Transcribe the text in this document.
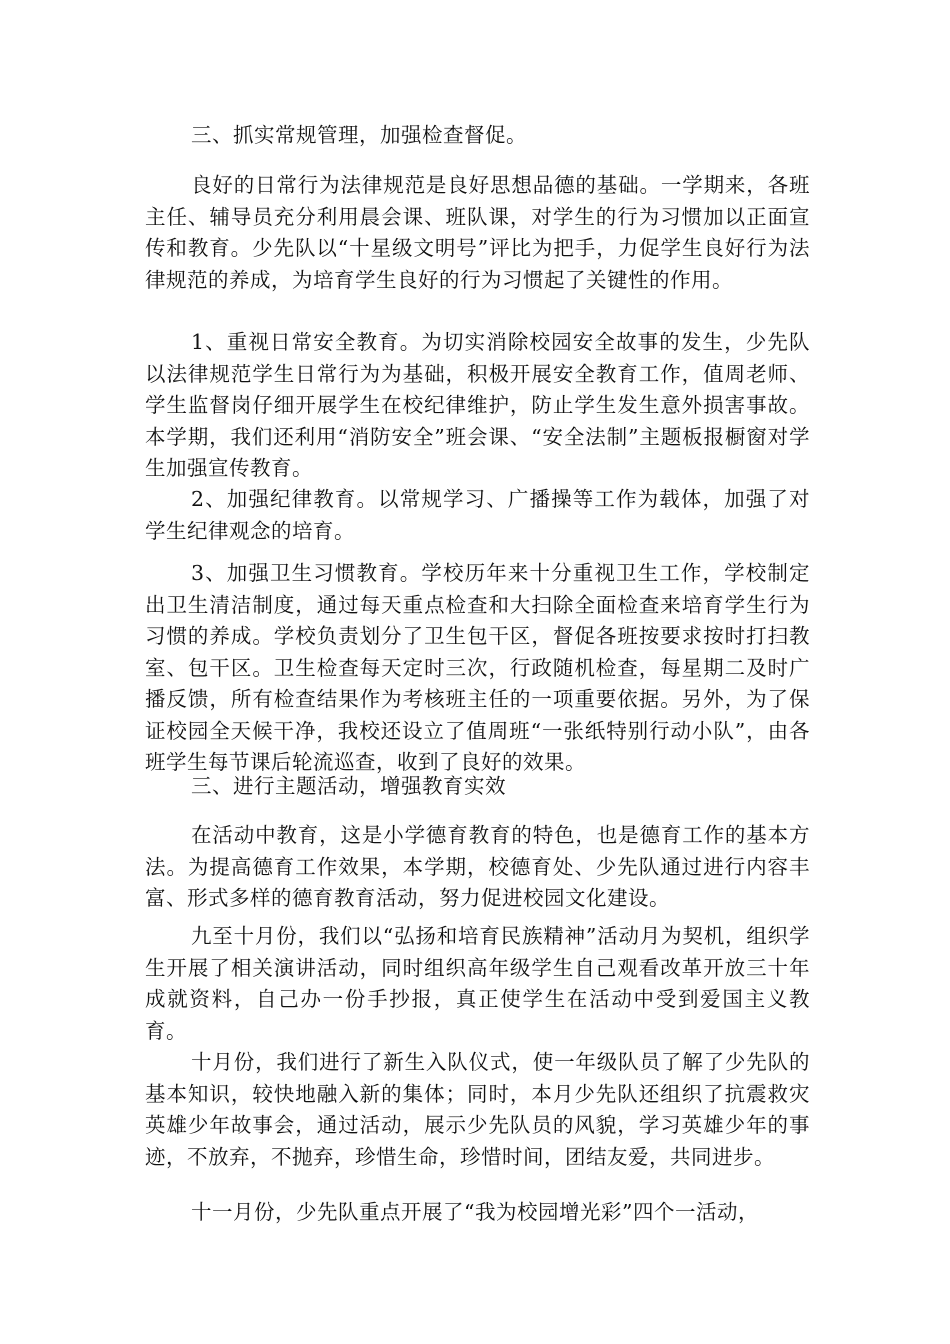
三、抓实常规管理，加强检查督促。

良好的日常行为法律规范是良好思想品德的基础。一学期来，各班主任、辅导员充分利用晨会课、班队课，对学生的行为习惯加以正面宣传和教育。少先队以“十星级文明号”评比为把手，力促学生良好行为法律规范的养成，为培育学生良好的行为习惯起了关键性的作用。

1、重视日常安全教育。为切实消除校园安全故事的发生，少先队以法律规范学生日常行为为基础，积极开展安全教育工作，值周老师、学生监督岗仔细开展学生在校纪律维护，防止学生发生意外损害事故。本学期，我们还利用“消防安全”班会课、“安全法制”主题板报橱窗对学生加强宣传教育。

2、加强纪律教育。以常规学习、广播操等工作为载体，加强了对学生纪律观念的培育。

3、加强卫生习惯教育。学校历年来十分重视卫生工作，学校制定出卫生清洁制度，通过每天重点检查和大扫除全面检查来培育学生行为习惯的养成。学校负责划分了卫生包干区，督促各班按要求按时打扫教室、包干区。卫生检查每天定时三次，行政随机检查，每星期二及时广播反馈，所有检查结果作为考核班主任的一项重要依据。另外，为了保证校园全天候干净，我校还设立了值周班“一张纸特别行动小队”，由各班学生每节课后轮流巡查，收到了良好的效果。

三、进行主题活动，增强教育实效

在活动中教育，这是小学德育教育的特色，也是德育工作的基本方法。为提高德育工作效果，本学期，校德育处、少先队通过进行内容丰富、形式多样的德育教育活动，努力促进校园文化建设。

九至十月份，我们以“弘扬和培育民族精神”活动月为契机，组织学生开展了相关演讲活动，同时组织高年级学生自己观看改革开放三十年成就资料，自己办一份手抄报，真正使学生在活动中受到爱国主义教育。

十月份，我们进行了新生入队仪式，使一年级队员了解了少先队的基本知识，较快地融入新的集体；同时，本月少先队还组织了抗震救灾英雄少年故事会，通过活动，展示少先队员的风貌，学习英雄少年的事迹，不放弃，不抛弃，珍惜生命，珍惜时间，团结友爱，共同进步。

十一月份，少先队重点开展了“我为校园增光彩”四个一活动，
